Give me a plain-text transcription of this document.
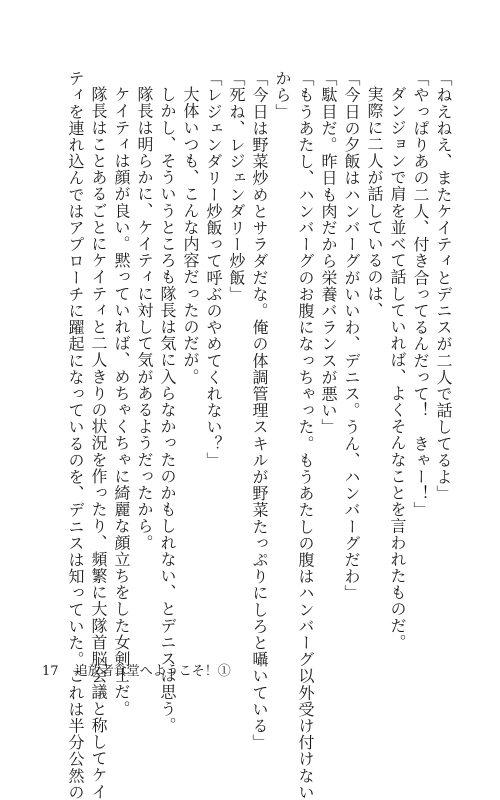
「ねえねえ、またケイティとデニスが二人で話してるよ」
「やっぱりあの二人、付き合ってるんだって！　きゃー！」
ダンジョンで肩を並べて話していれば、よくそんなことを言われたものだ。
実際に二人が話しているのは、
「今日の夕飯はハンバーグがいいわ、デニス。うん、ハンバーグだわ」
「駄目だ。昨日も肉だから栄養バランスが悪い」
「もうあたし、ハンバーグのお腹になっちゃった。もうあたしの腹はハンバーグ以外受け付けない
から」
「今日は野菜炒めとサラダだな。俺の体調管理スキルが野菜たっぷりにしろと囁いている」
「死ね、レジェンダリー炒飯」
「レジェンダリー炒飯って呼ぶのやめてくれない？」
大体いつも、こんな内容だったのだが。
しかし、そういうところも隊長は気に入らなかったのかもしれない、とデニスは思う。
隊長は明らかに、ケイティに対して気があるようだったから。
ケイティは顔が良い。黙っていれば、めちゃくちゃに綺麗な顔立ちをした女剣士だ。
隊長はことあるごとにケイティと二人きりの状況を作ったり、頻繁に大隊首脳会議と称してケイ
ティを連れ込んではアプローチに躍起になっているのを、デニスは知っていた。これは半分公然の
17 追放者食堂へようこそ！①
